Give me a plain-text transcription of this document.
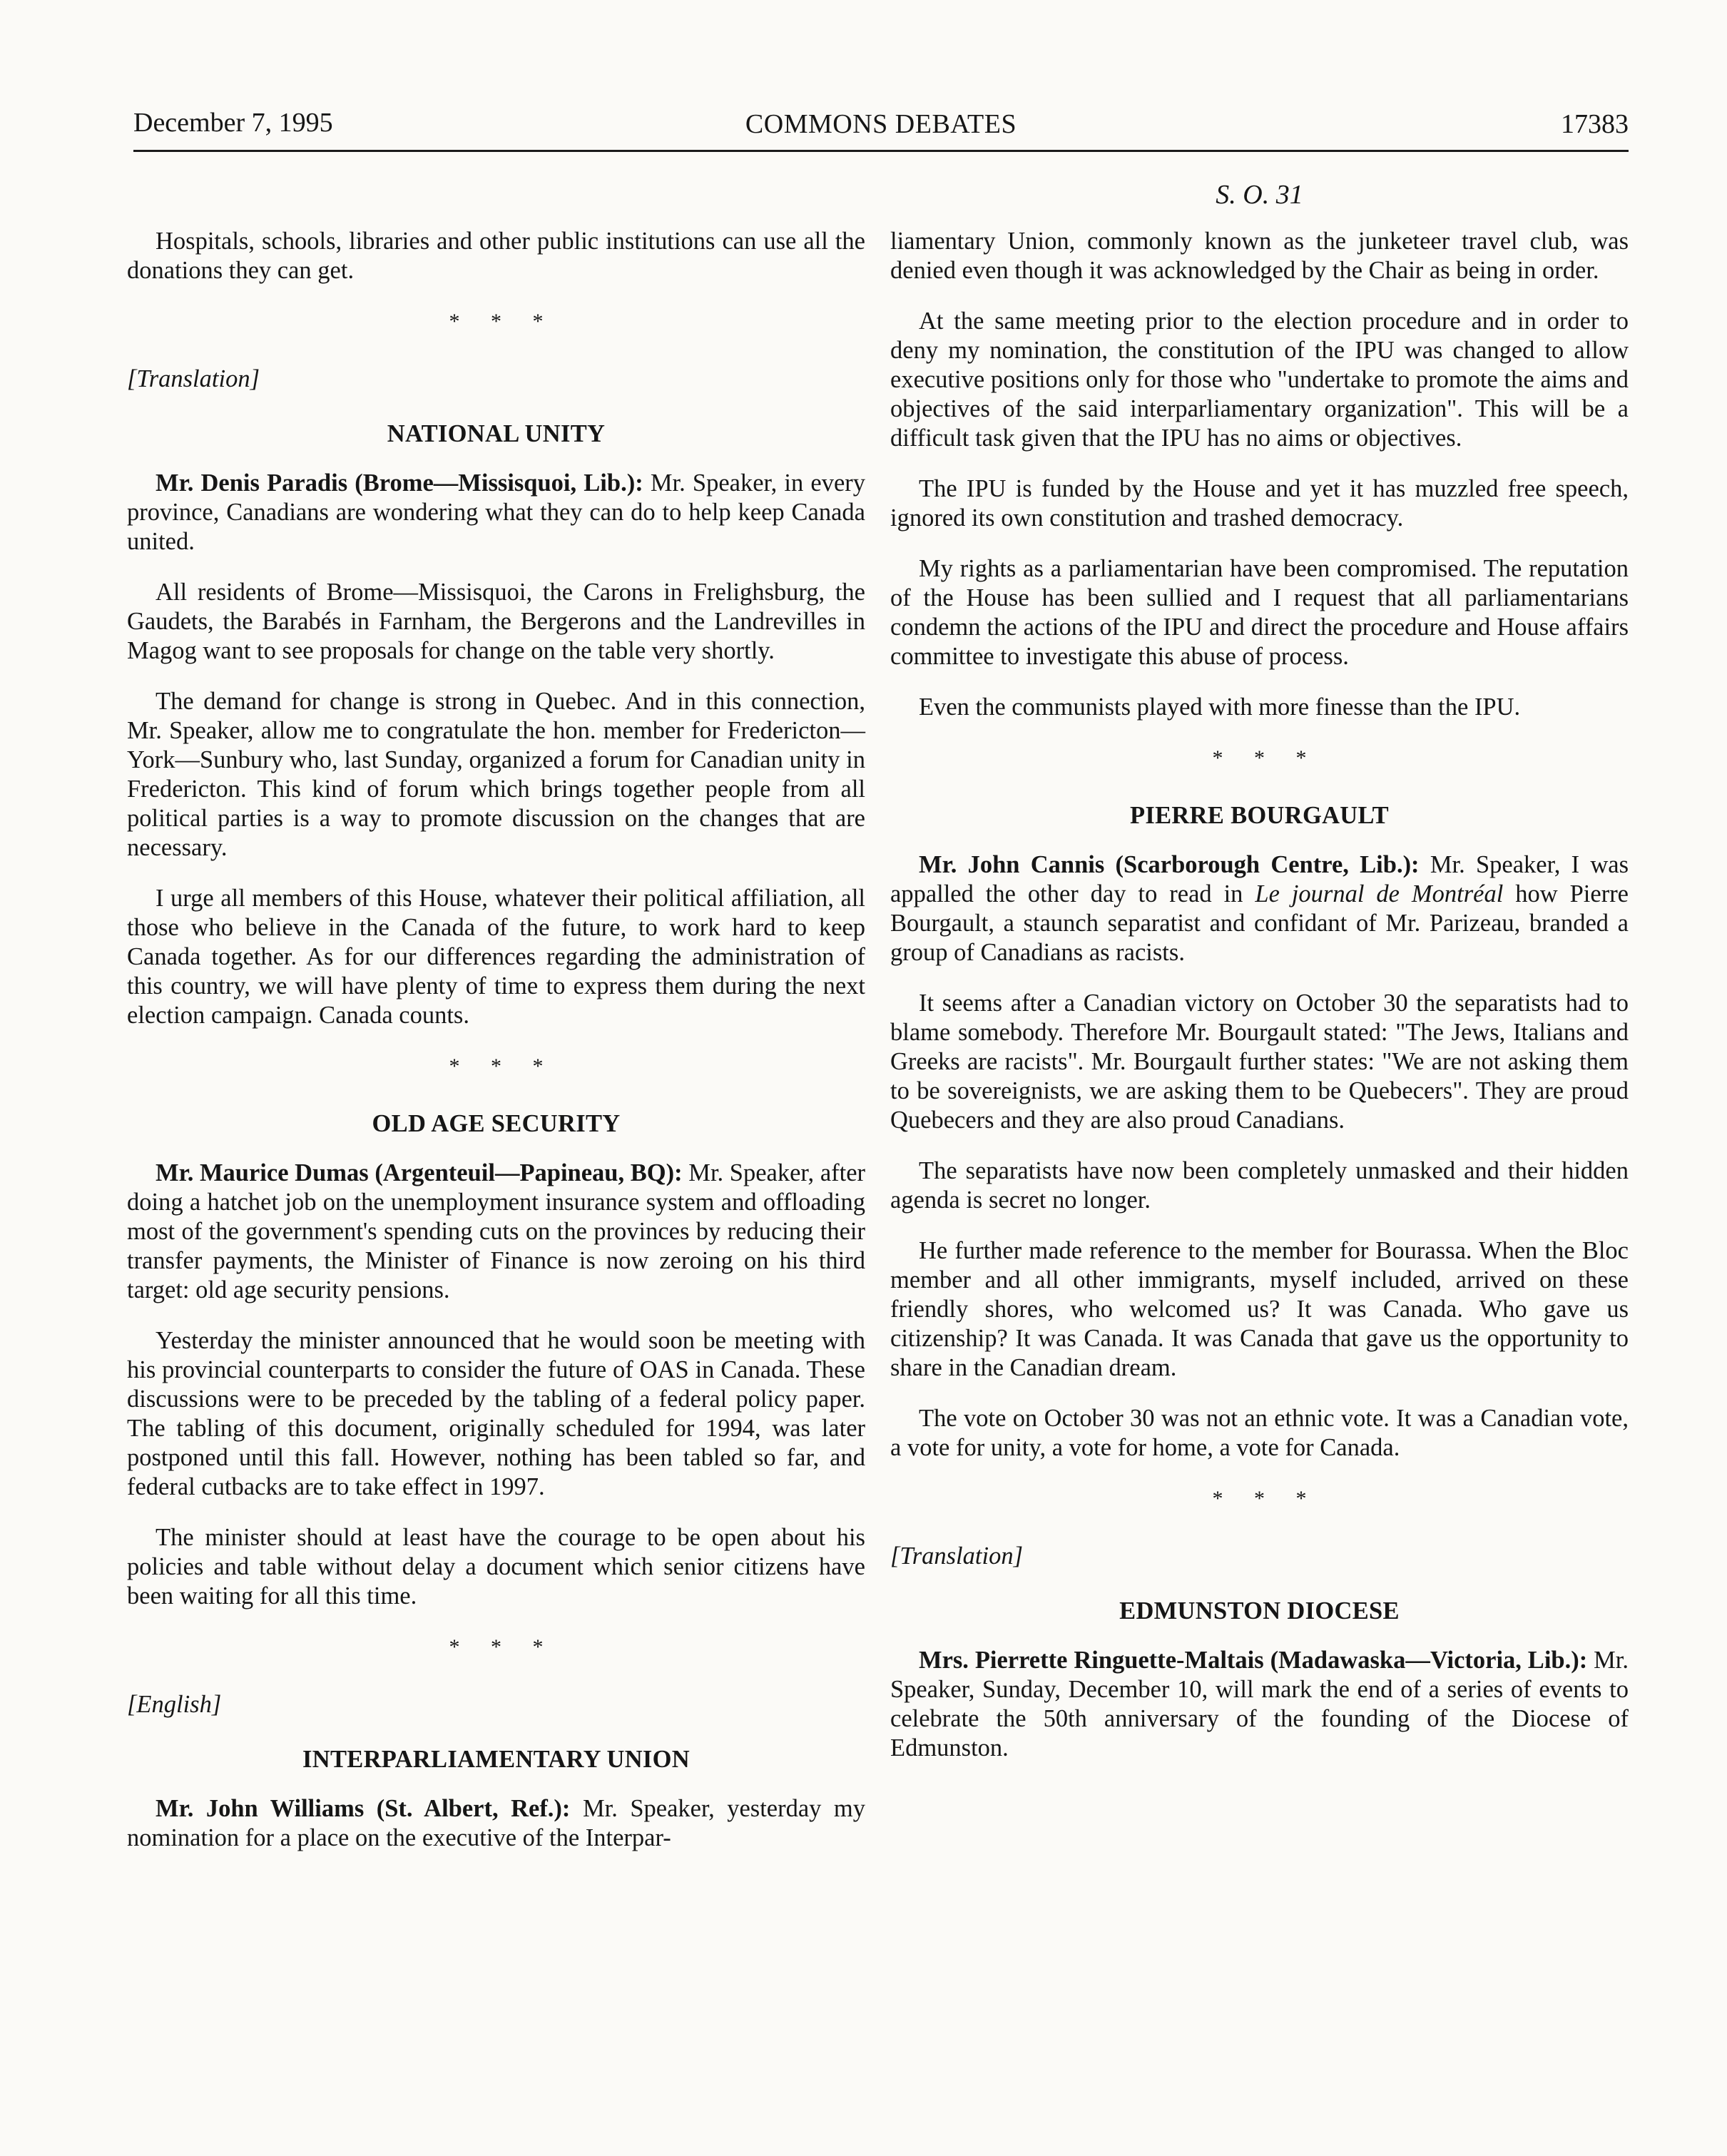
December 7, 1995	COMMONS DEBATES	17383
S. O. 31

Hospitals, schools, libraries and other public institutions can use all the donations they can get.

* * *
[Translation]
NATIONAL UNITY

Mr. Denis Paradis (Brome—Missisquoi, Lib.): Mr. Speaker, in every province, Canadians are wondering what they can do to help keep Canada united.

All residents of Brome—Missisquoi, the Carons in Frelighsburg, the Gaudets, the Barabés in Farnham, the Bergerons and the Landrevilles in Magog want to see proposals for change on the table very shortly.

The demand for change is strong in Quebec. And in this connection, Mr. Speaker, allow me to congratulate the hon. member for Fredericton—York—Sunbury who, last Sunday, organized a forum for Canadian unity in Fredericton. This kind of forum which brings together people from all political parties is a way to promote discussion on the changes that are necessary.

I urge all members of this House, whatever their political affiliation, all those who believe in the Canada of the future, to work hard to keep Canada together. As for our differences regarding the administration of this country, we will have plenty of time to express them during the next election campaign. Canada counts.

* * *
OLD AGE SECURITY

Mr. Maurice Dumas (Argenteuil—Papineau, BQ): Mr. Speaker, after doing a hatchet job on the unemployment insurance system and offloading most of the government's spending cuts on the provinces by reducing their transfer payments, the Minister of Finance is now zeroing on his third target: old age security pensions.

Yesterday the minister announced that he would soon be meeting with his provincial counterparts to consider the future of OAS in Canada. These discussions were to be preceded by the tabling of a federal policy paper. The tabling of this document, originally scheduled for 1994, was later postponed until this fall. However, nothing has been tabled so far, and federal cutbacks are to take effect in 1997.

The minister should at least have the courage to be open about his policies and table without delay a document which senior citizens have been waiting for all this time.

* * *
[English]
INTERPARLIAMENTARY UNION

Mr. John Williams (St. Albert, Ref.): Mr. Speaker, yesterday my nomination for a place on the executive of the Interpar-

liamentary Union, commonly known as the junketeer travel club, was denied even though it was acknowledged by the Chair as being in order.

At the same meeting prior to the election procedure and in order to deny my nomination, the constitution of the IPU was changed to allow executive positions only for those who "undertake to promote the aims and objectives of the said interparliamentary organization". This will be a difficult task given that the IPU has no aims or objectives.

The IPU is funded by the House and yet it has muzzled free speech, ignored its own constitution and trashed democracy.

My rights as a parliamentarian have been compromised. The reputation of the House has been sullied and I request that all parliamentarians condemn the actions of the IPU and direct the procedure and House affairs committee to investigate this abuse of process.

Even the communists played with more finesse than the IPU.

* * *
PIERRE BOURGAULT

Mr. John Cannis (Scarborough Centre, Lib.): Mr. Speaker, I was appalled the other day to read in Le journal de Montréal how Pierre Bourgault, a staunch separatist and confidant of Mr. Parizeau, branded a group of Canadians as racists.

It seems after a Canadian victory on October 30 the separatists had to blame somebody. Therefore Mr. Bourgault stated: "The Jews, Italians and Greeks are racists". Mr. Bourgault further states: "We are not asking them to be sovereignists, we are asking them to be Quebecers". They are proud Quebecers and they are also proud Canadians.

The separatists have now been completely unmasked and their hidden agenda is secret no longer.

He further made reference to the member for Bourassa. When the Bloc member and all other immigrants, myself included, arrived on these friendly shores, who welcomed us? It was Canada. Who gave us citizenship? It was Canada. It was Canada that gave us the opportunity to share in the Canadian dream.

The vote on October 30 was not an ethnic vote. It was a Canadian vote, a vote for unity, a vote for home, a vote for Canada.

* * *
[Translation]
EDMUNSTON DIOCESE

Mrs. Pierrette Ringuette-Maltais (Madawaska—Victoria, Lib.): Mr. Speaker, Sunday, December 10, will mark the end of a series of events to celebrate the 50th anniversary of the founding of the Diocese of Edmunston.
